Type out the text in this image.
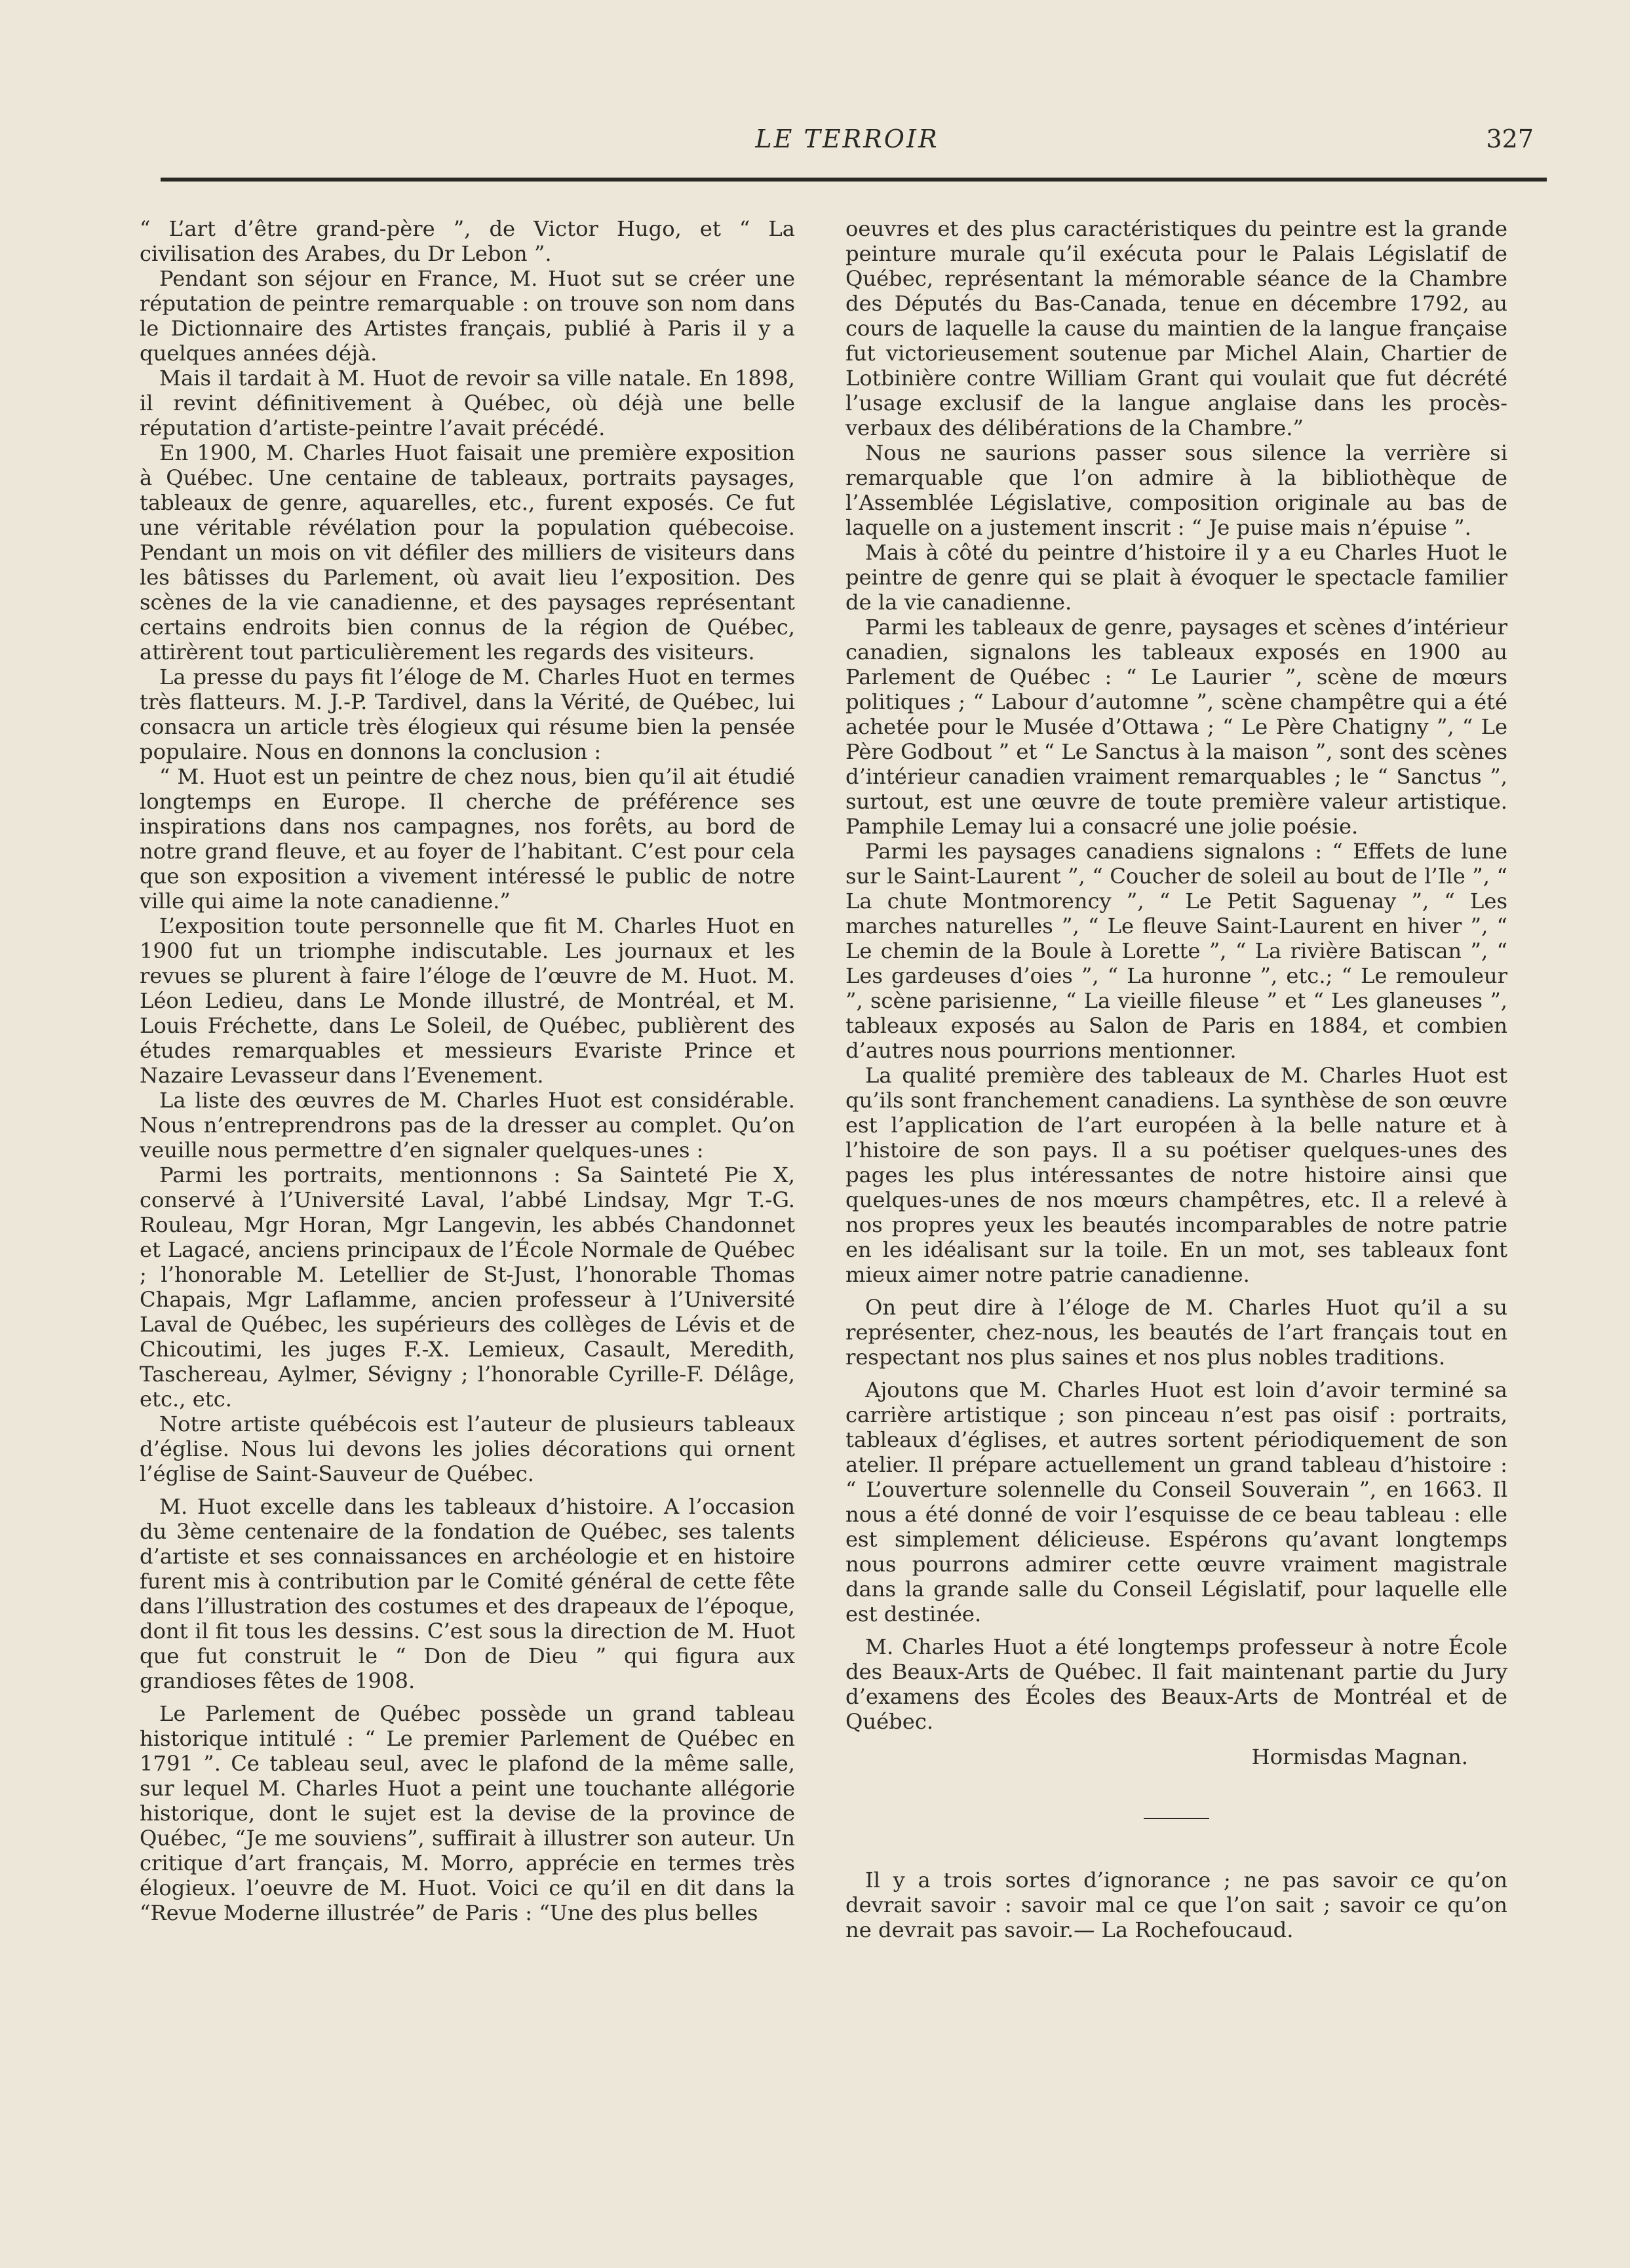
LE TERROIR	327

“ L’art d’être grand-père ”, de Victor Hugo, et “ La civilisation des Arabes, du Dr Lebon ”.

Pendant son séjour en France, M. Huot sut se créer une réputation de peintre remarquable : on trouve son nom dans le Dictionnaire des Artistes français, publié à Paris il y a quelques années déjà.

Mais il tardait à M. Huot de revoir sa ville natale. En 1898, il revint définitivement à Québec, où déjà une belle réputation d’artiste-peintre l’avait précédé.

En 1900, M. Charles Huot faisait une première exposition à Québec. Une centaine de tableaux, portraits paysages, tableaux de genre, aquarelles, etc., furent exposés. Ce fut une véritable révélation pour la population québecoise. Pendant un mois on vit défiler des milliers de visiteurs dans les bâtisses du Parlement, où avait lieu l’exposition. Des scènes de la vie canadienne, et des paysages représentant certains endroits bien connus de la région de Québec, attirèrent tout particulièrement les regards des visiteurs.

La presse du pays fit l’éloge de M. Charles Huot en termes très flatteurs. M. J.-P. Tardivel, dans la Vérité, de Québec, lui consacra un article très élogieux qui résume bien la pensée populaire. Nous en donnons la conclusion :

“ M. Huot est un peintre de chez nous, bien qu’il ait étudié longtemps en Europe. Il cherche de préférence ses inspirations dans nos campagnes, nos forêts, au bord de notre grand fleuve, et au foyer de l’habitant. C’est pour cela que son exposition a vivement intéressé le public de notre ville qui aime la note canadienne.”

L’exposition toute personnelle que fit M. Charles Huot en 1900 fut un triomphe indiscutable. Les journaux et les revues se plurent à faire l’éloge de l’œuvre de M. Huot. M. Léon Ledieu, dans Le Monde illustré, de Montréal, et M. Louis Fréchette, dans Le Soleil, de Québec, publièrent des études remarquables et messieurs Evariste Prince et Nazaire Levasseur dans l’Evenement.

La liste des œuvres de M. Charles Huot est considérable. Nous n’entreprendrons pas de la dresser au complet. Qu’on veuille nous permettre d’en signaler quelques-unes :

Parmi les portraits, mentionnons : Sa Sainteté Pie X, conservé à l’Université Laval, l’abbé Lindsay, Mgr T.-G. Rouleau, Mgr Horan, Mgr Langevin, les abbés Chandonnet et Lagacé, anciens principaux de l’École Normale de Québec ; l’honorable M. Letellier de St-Just, l’honorable Thomas Chapais, Mgr Laflamme, ancien professeur à l’Université Laval de Québec, les supérieurs des collèges de Lévis et de Chicoutimi, les juges F.-X. Lemieux, Casault, Meredith, Taschereau, Aylmer, Sévigny ; l’honorable Cyrille-F. Délâge, etc., etc.

Notre artiste québécois est l’auteur de plusieurs tableaux d’église. Nous lui devons les jolies décorations qui ornent l’église de Saint-Sauveur de Québec.

M. Huot excelle dans les tableaux d’histoire. A l’occasion du 3ème centenaire de la fondation de Québec, ses talents d’artiste et ses connaissances en archéologie et en histoire furent mis à contribution par le Comité général de cette fête dans l’illustration des costumes et des drapeaux de l’époque, dont il fit tous les dessins. C’est sous la direction de M. Huot que fut construit le “ Don de Dieu ” qui figura aux grandioses fêtes de 1908.

Le Parlement de Québec possède un grand tableau historique intitulé : “ Le premier Parlement de Québec en 1791 ”. Ce tableau seul, avec le plafond de la même salle, sur lequel M. Charles Huot a peint une touchante allégorie historique, dont le sujet est la devise de la province de Québec, “Je me souviens”, suffirait à illustrer son auteur. Un critique d’art français, M. Morro, apprécie en termes très élogieux. l’oeuvre de M. Huot. Voici ce qu’il en dit dans la “Revue Moderne illustrée” de Paris : “Une des plus belles

oeuvres et des plus caractéristiques du peintre est la grande peinture murale qu’il exécuta pour le Palais Législatif de Québec, représentant la mémorable séance de la Chambre des Députés du Bas-Canada, tenue en décembre 1792, au cours de laquelle la cause du maintien de la langue française fut victorieusement soutenue par Michel Alain, Chartier de Lotbinière contre William Grant qui voulait que fut décrété l’usage exclusif de la langue anglaise dans les procès-verbaux des délibérations de la Chambre.”

Nous ne saurions passer sous silence la verrière si remarquable que l’on admire à la bibliothèque de l’Assemblée Législative, composition originale au bas de laquelle on a justement inscrit : “ Je puise mais n’épuise ”.

Mais à côté du peintre d’histoire il y a eu Charles Huot le peintre de genre qui se plait à évoquer le spectacle familier de la vie canadienne.

Parmi les tableaux de genre, paysages et scènes d’intérieur canadien, signalons les tableaux exposés en 1900 au Parlement de Québec : “ Le Laurier ”, scène de mœurs politiques ; “ Labour d’automne ”, scène champêtre qui a été achetée pour le Musée d’Ottawa ; “ Le Père Chatigny ”, “ Le Père Godbout ” et “ Le Sanctus à la maison ”, sont des scènes d’intérieur canadien vraiment remarquables ; le “ Sanctus ”, surtout, est une œuvre de toute première valeur artistique. Pamphile Lemay lui a consacré une jolie poésie.

Parmi les paysages canadiens signalons : “ Effets de lune sur le Saint-Laurent ”, “ Coucher de soleil au bout de l’Ile ”, “ La chute Montmorency ”, “ Le Petit Saguenay ”, “ Les marches naturelles ”, “ Le fleuve Saint-Laurent en hiver ”, “ Le chemin de la Boule à Lorette ”, “ La rivière Batiscan ”, “ Les gardeuses d’oies ”, “ La huronne ”, etc.; “ Le remouleur ”, scène parisienne, “ La vieille fileuse ” et “ Les glaneuses ”, tableaux exposés au Salon de Paris en 1884, et combien d’autres nous pourrions mentionner.

La qualité première des tableaux de M. Charles Huot est qu’ils sont franchement canadiens. La synthèse de son œuvre est l’application de l’art européen à la belle nature et à l’histoire de son pays. Il a su poétiser quelques-unes des pages les plus intéressantes de notre histoire ainsi que quelques-unes de nos mœurs champêtres, etc. Il a relevé à nos propres yeux les beautés incomparables de notre patrie en les idéalisant sur la toile. En un mot, ses tableaux font mieux aimer notre patrie canadienne.

On peut dire à l’éloge de M. Charles Huot qu’il a su représenter, chez-nous, les beautés de l’art français tout en respectant nos plus saines et nos plus nobles traditions.

Ajoutons que M. Charles Huot est loin d’avoir terminé sa carrière artistique ; son pinceau n’est pas oisif : portraits, tableaux d’églises, et autres sortent périodiquement de son atelier. Il prépare actuellement un grand tableau d’histoire : “ L’ouverture solennelle du Conseil Souverain ”, en 1663. Il nous a été donné de voir l’esquisse de ce beau tableau : elle est simplement délicieuse. Espérons qu’avant longtemps nous pourrons admirer cette œuvre vraiment magistrale dans la grande salle du Conseil Législatif, pour laquelle elle est destinée.

M. Charles Huot a été longtemps professeur à notre École des Beaux-Arts de Québec. Il fait maintenant partie du Jury d’examens des Écoles des Beaux-Arts de Montréal et de Québec.

Hormisdas Magnan.

Il y a trois sortes d’ignorance ; ne pas savoir ce qu’on devrait savoir : savoir mal ce que l’on sait ; savoir ce qu’on ne devrait pas savoir.— La Rochefoucaud.
